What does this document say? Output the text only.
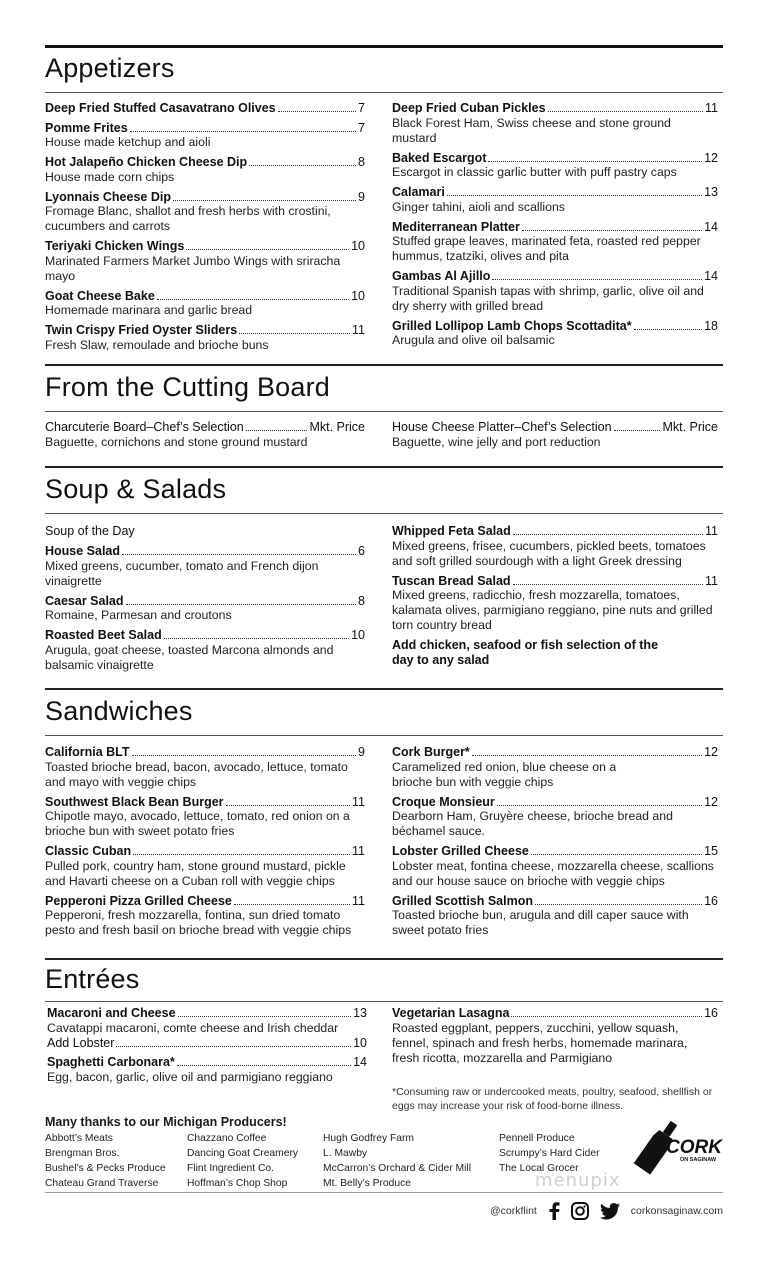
Appetizers
Deep Fried Stuffed Casavatrano Olives	7
Pomme Frites	7
House made ketchup and aioli
Hot Jalapeño Chicken Cheese Dip	8
House made corn chips
Lyonnais Cheese Dip	9
Fromage Blanc, shallot and fresh herbs with crostini, cucumbers and carrots
Teriyaki Chicken Wings	10
Marinated Farmers Market Jumbo Wings with sriracha mayo
Goat Cheese Bake	10
Homemade marinara and garlic bread
Twin Crispy Fried Oyster Sliders	11
Fresh Slaw, remoulade and brioche buns
Deep Fried Cuban Pickles	11
Black Forest Ham, Swiss cheese and stone ground mustard
Baked Escargot	12
Escargot in classic garlic butter with puff pastry caps
Calamari	13
Ginger tahini, aioli and scallions
Mediterranean Platter	14
Stuffed grape leaves, marinated feta, roasted red pepper hummus, tzatziki, olives and pita
Gambas Al Ajillo	14
Traditional Spanish tapas with shrimp, garlic, olive oil and dry sherry with grilled bread
Grilled Lollipop Lamb Chops Scottadita*	18
Arugula and olive oil balsamic
From the Cutting Board
Charcuterie Board–Chef’s Selection	Mkt. Price
Baguette, cornichons and stone ground mustard
House Cheese Platter–Chef’s Selection	Mkt. Price
Baguette, wine jelly and port reduction
Soup & Salads
Soup of the Day
House Salad	6
Mixed greens, cucumber, tomato and French dijon vinaigrette
Caesar Salad	8
Romaine, Parmesan and croutons
Roasted Beet Salad	10
Arugula, goat cheese, toasted Marcona almonds and balsamic vinaigrette
Whipped Feta Salad	11
Mixed greens, frisee, cucumbers, pickled beets, tomatoes and soft grilled sourdough with a light Greek dressing
Tuscan Bread Salad	11
Mixed greens, radicchio, fresh mozzarella, tomatoes, kalamata olives, parmigiano reggiano, pine nuts and grilled torn country bread
Add chicken, seafood or fish selection of the day to any salad
Sandwiches
California BLT	9
Toasted brioche bread, bacon, avocado, lettuce, tomato and mayo with veggie chips
Southwest Black Bean Burger	11
Chipotle mayo, avocado, lettuce, tomato, red onion on a brioche bun with sweet potato fries
Classic Cuban	11
Pulled pork, country ham, stone ground mustard, pickle and Havarti cheese on a Cuban roll with veggie chips
Pepperoni Pizza Grilled Cheese	11
Pepperoni, fresh mozzarella, fontina, sun dried tomato pesto and fresh basil on brioche bread with veggie chips
Cork Burger*	12
Caramelized red onion, blue cheese on a brioche bun with veggie chips
Croque Monsieur	12
Dearborn Ham, Gruyère cheese, brioche bread and béchamel sauce.
Lobster Grilled Cheese	15
Lobster meat, fontina cheese, mozzarella cheese, scallions and our house sauce on brioche with veggie chips
Grilled Scottish Salmon	16
Toasted brioche bun, arugula and dill caper sauce with sweet potato fries
Entrées
Macaroni and Cheese	13
Cavatappi macaroni, comte cheese and Irish cheddar
Add Lobster	10
Spaghetti Carbonara*	14
Egg, bacon, garlic, olive oil and parmigiano reggiano
Vegetarian Lasagna	16
Roasted eggplant, peppers, zucchini, yellow squash, fennel, spinach and fresh herbs, homemade marinara, fresh ricotta, mozzarella and Parmigiano
*Consuming raw or undercooked meats, poultry, seafood, shellfish or eggs may increase your risk of food-borne illness.
Many thanks to our Michigan Producers!
Abbott’s Meats
Brengman Bros.
Bushel’s & Pecks Produce
Chateau Grand Traverse
Chazzano Coffee
Dancing Goat Creamery
Flint Ingredient Co.
Hoffman’s Chop Shop
Hugh Godfrey Farm
L. Mawby
McCarron’s Orchard & Cider Mill
Mt. Belly’s Produce
Pennell Produce
Scrumpy’s Hard Cider
The Local Grocer
CORK
ON SAGINAW
menupix
@corkflint	corkonsaginaw.com
